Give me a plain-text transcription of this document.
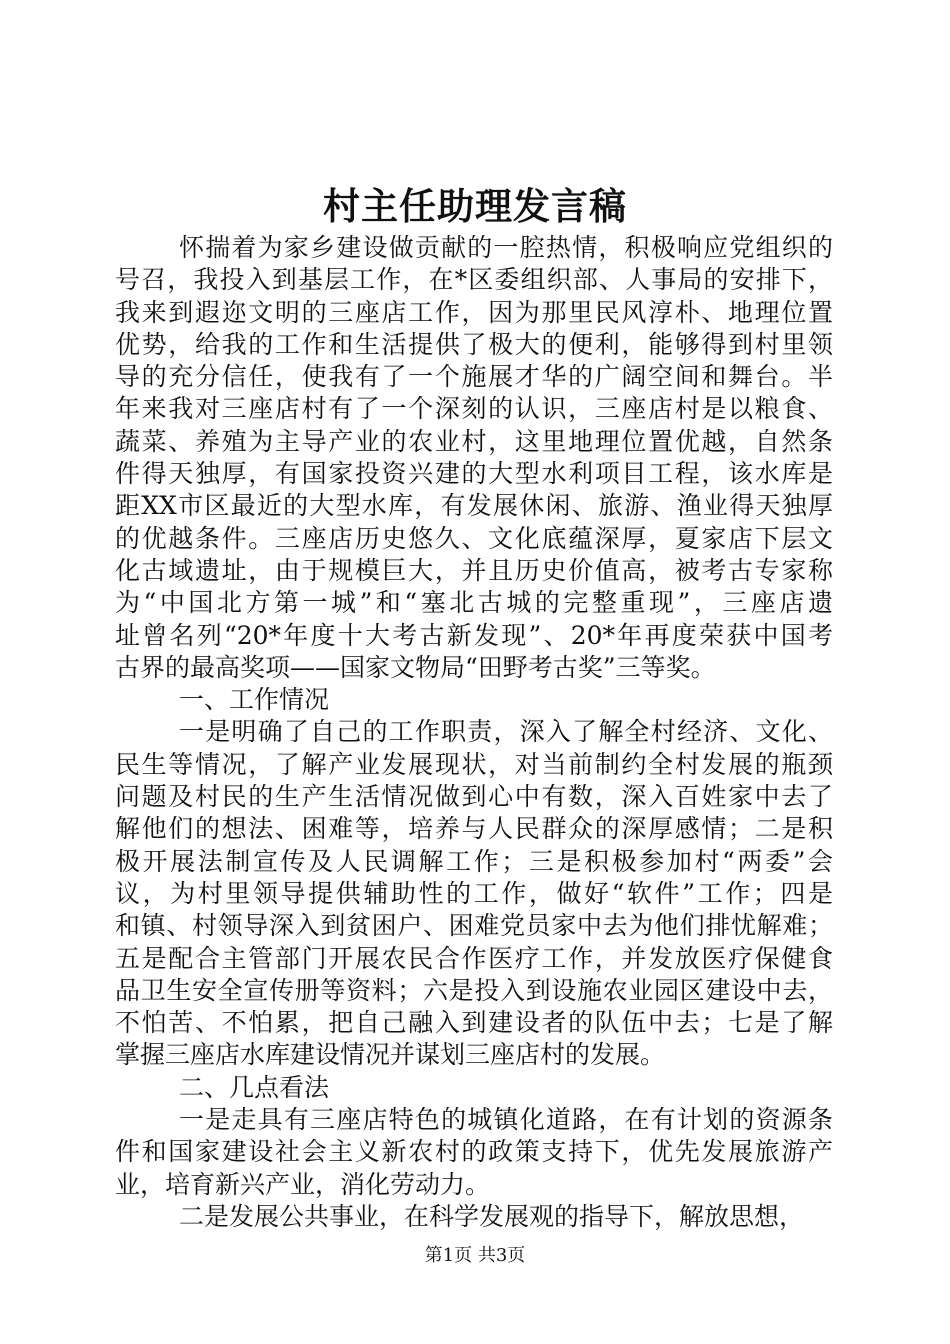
村主任助理发言稿
怀揣着为家乡建设做贡献的一腔热情，积极响应党组织的
号召，我投入到基层工作，在*区委组织部、人事局的安排下，
我来到遐迩文明的三座店工作，因为那里民风淳朴、地理位置
优势，给我的工作和生活提供了极大的便利，能够得到村里领
导的充分信任，使我有了一个施展才华的广阔空间和舞台。半
年来我对三座店村有了一个深刻的认识，三座店村是以粮食、
蔬菜、养殖为主导产业的农业村，这里地理位置优越，自然条
件得天独厚，有国家投资兴建的大型水利项目工程，该水库是
距XX市区最近的大型水库，有发展休闲、旅游、渔业得天独厚
的优越条件。三座店历史悠久、文化底蕴深厚，夏家店下层文
化古域遗址，由于规模巨大，并且历史价值高，被考古专家称
为“中国北方第一城”和“塞北古城的完整重现”，三座店遗
址曾名列“20*年度十大考古新发现”、20*年再度荣获中国考
古界的最高奖项——国家文物局“田野考古奖”三等奖。
一、工作情况
一是明确了自己的工作职责，深入了解全村经济、文化、
民生等情况，了解产业发展现状，对当前制约全村发展的瓶颈
问题及村民的生产生活情况做到心中有数，深入百姓家中去了
解他们的想法、困难等，培养与人民群众的深厚感情；二是积
极开展法制宣传及人民调解工作；三是积极参加村“两委”会
议，为村里领导提供辅助性的工作，做好“软件”工作；四是
和镇、村领导深入到贫困户、困难党员家中去为他们排忧解难；
五是配合主管部门开展农民合作医疗工作，并发放医疗保健食
品卫生安全宣传册等资料；六是投入到设施农业园区建设中去，
不怕苦、不怕累，把自己融入到建设者的队伍中去；七是了解
掌握三座店水库建设情况并谋划三座店村的发展。
二、几点看法
一是走具有三座店特色的城镇化道路，在有计划的资源条
件和国家建设社会主义新农村的政策支持下，优先发展旅游产
业，培育新兴产业，消化劳动力。
二是发展公共事业，在科学发展观的指导下，解放思想，
第1页 共3页
